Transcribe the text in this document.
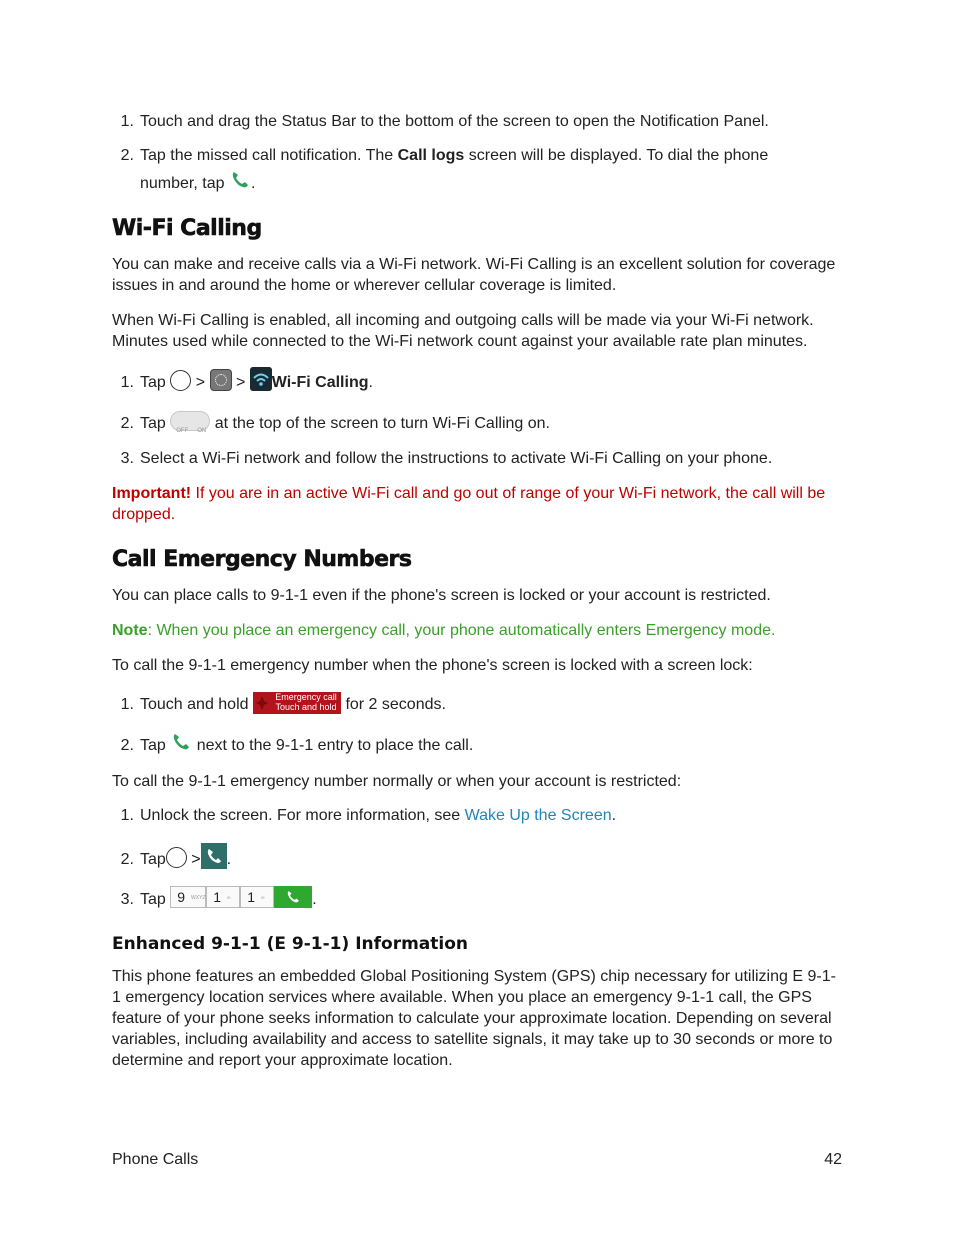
1. Touch and drag the Status Bar to the bottom of the screen to open the Notification Panel.
2. Tap the missed call notification. The Call logs screen will be displayed. To dial the phone
number, tap .
Wi-Fi Calling

You can make and receive calls via a Wi-Fi network. Wi-Fi Calling is an excellent solution for coverage issues in and around the home or wherever cellular coverage is limited.

When Wi-Fi Calling is enabled, all incoming and outgoing calls will be made via your Wi-Fi network. Minutes used while connected to the Wi-Fi network count against your available rate plan minutes.

1. Tap > > Wi-Fi Calling.
2. Tap OFF ON at the top of the screen to turn Wi-Fi Calling on.
3. Select a Wi-Fi network and follow the instructions to activate Wi-Fi Calling on your phone.

Important! If you are in an active Wi-Fi call and go out of range of your Wi-Fi network, the call will be dropped.

Call Emergency Numbers

You can place calls to 9-1-1 even if the phone's screen is locked or your account is restricted.

Note: When you place an emergency call, your phone automatically enters Emergency mode.

To call the 9-1-1 emergency number when the phone's screen is locked with a screen lock:

1. Touch and hold	Emergency call
Touch and hold for 2 seconds.
2. Tap next to the 9-1-1 entry to place the call.

To call the 9-1-1 emergency number normally or when your account is restricted:

1. Unlock the screen. For more information, see Wake Up the Screen.
2. Tap > .
3. Tap 9 WXYZ 1 ∞	1 ∞	.
Enhanced 9-1-1 (E 9-1-1) Information

This phone features an embedded Global Positioning System (GPS) chip necessary for utilizing E 9-1-1 emergency location services where available. When you place an emergency 9-1-1 call, the GPS feature of your phone seeks information to calculate your approximate location. Depending on several variables, including availability and access to satellite signals, it may take up to 30 seconds or more to determine and report your approximate location.

Phone Calls	42
